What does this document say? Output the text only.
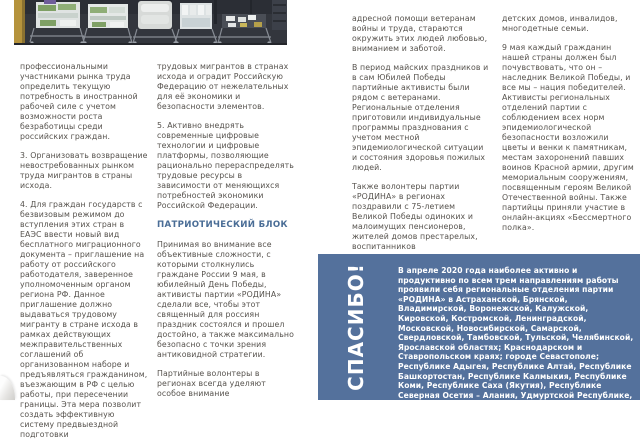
профессиональными участниками рынка труда определить текущую потребность в иностранной рабочей силе с учетом возможности роста безработицы среди российских граждан.

3. Организовать возвращение невостребованных рынком труда мигрантов в страны исхода.

4. Для граждан государств с безвизовым режимом до вступления этих стран в ЕАЭС ввести новый вид бесплатного миграционного документа – приглашение на работу от российского работодателя, заверенное уполномоченным органом региона РФ. Данное приглашение должно выдаваться трудовому мигранту в стране исхода в рамках действующих межправительственных соглашений об организованном наборе и предъявляться гражданином, въезжающим в РФ с целью работы, при пересечении границы. Эта мера позволит создать эффективную систему предвыездной подготовки

трудовых мигрантов в странах исхода и оградит Российскую Федерацию от нежелательных для её экономики и безопасности элементов.

5. Активно внедрять современные цифровые технологии и цифровые платформы, позволяющие рационально перераспределять трудовые ресурсы в зависимости от меняющихся потребностей экономики Российской Федерации.

ПАТРИОТИЧЕСКИЙ БЛОК

Принимая во внимание все объективные сложности, с которыми столкнулись граждане России 9 мая, в юбилейный День Победы, активисты партии «РОДИНА» сделали все, чтобы этот священный для россиян праздник состоялся и прошел достойно, а также максимально безопасно с точки зрения антиковидной стратегии.

Партийные волонтеры в регионах всегда уделяют особое внимание

адресной помощи ветеранам войны и труда, стараются окружить этих людей любовью, вниманием и заботой.

В период майских праздников и в сам Юбилей Победы партийные активисты были рядом с ветеранами. Региональные отделения приготовили индивидуальные программы празднования с учетом местной эпидемиологической ситуации и состояния здоровья пожилых людей.

Также волонтеры партии «РОДИНА» в регионах поздравили с 75-летием Великой Победы одиноких и малоимущих пенсионеров, жителей домов престарелых, воспитанников

детских домов, инвалидов, многодетные семьи.

9 мая каждый гражданин нашей страны должен был почувствовать, что он – наследник Великой Победы, и все мы – нация победителей. Активисты региональных отделений партии с соблюдением всех норм эпидемиологической безопасности возложили цветы и венки к памятникам, местам захоронений павших воинов Красной армии, другим мемориальным сооружениям, посвященным героям Великой Отечественной войны. Также партийцы приняли участие в онлайн-акциях «Бессмертного полка».

СПАСИБО!	В апреле 2020 года наиболее активно и продуктивно по всем трем направлениям работы проявили себя региональные отделения партии «РОДИНА» в Астраханской, Брянской, Владимирской, Воронежской, Калужской, Кировской, Костромской, Ленинградской, Московской, Новосибирской, Самарской, Свердловской, Тамбовской, Тульской, Челябинской, Ярославской областях; Краснодарском и Ставропольском краях; городе Севастополе; Республике Адыгея, Республике Алтай, Республике Башкортостан, Республике Калмыкия, Республике Коми, Республике Саха (Якутия), Республике Северная Осетия – Алания, Удмуртской Республике, Чувашской Республике, Ямало-Ненецком автономном округе.
